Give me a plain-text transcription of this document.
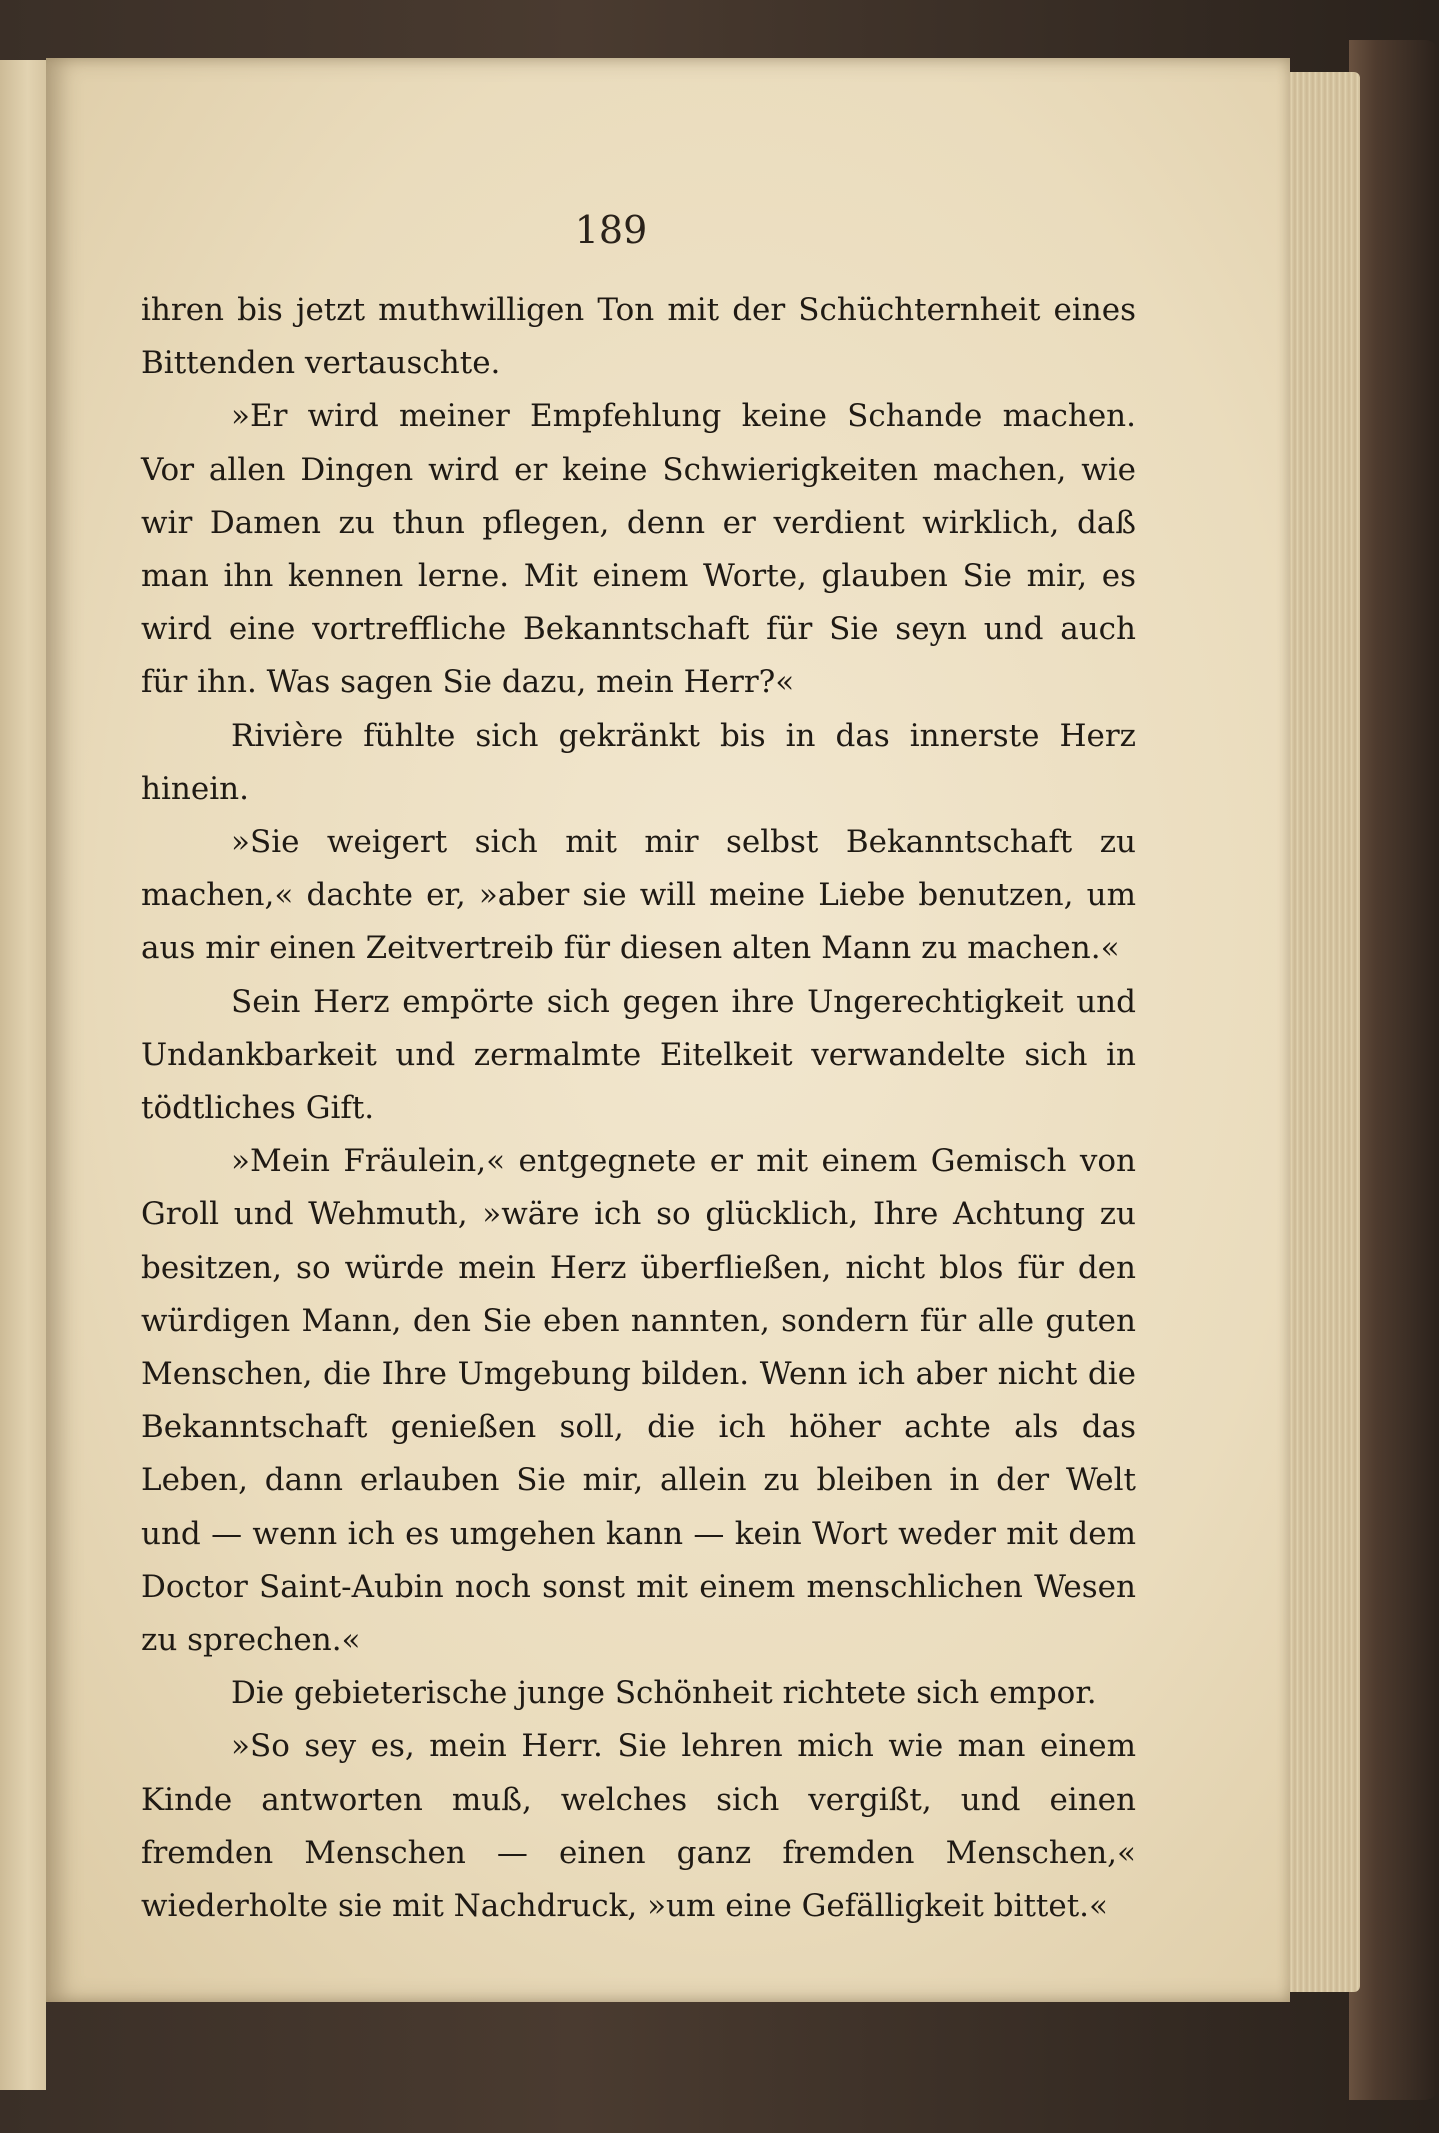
189

ihren bis jetzt muthwilligen Ton mit der Schüchternheit eines Bittenden vertauschte.

»Er wird meiner Empfehlung keine Schande machen. Vor allen Dingen wird er keine Schwierigkeiten machen, wie wir Damen zu thun pflegen, denn er verdient wirklich, daß man ihn kennen lerne. Mit einem Worte, glauben Sie mir, es wird eine vortreffliche Bekanntschaft für Sie seyn und auch für ihn. Was sagen Sie dazu, mein Herr?«

Rivière fühlte sich gekränkt bis in das innerste Herz hinein.

»Sie weigert sich mit mir selbst Bekanntschaft zu machen,« dachte er, »aber sie will meine Liebe benutzen, um aus mir einen Zeitvertreib für diesen alten Mann zu machen.«

Sein Herz empörte sich gegen ihre Ungerechtigkeit und Undankbarkeit und zermalmte Eitelkeit verwandelte sich in tödtliches Gift.

»Mein Fräulein,« entgegnete er mit einem Gemisch von Groll und Wehmuth, »wäre ich so glücklich, Ihre Achtung zu besitzen, so würde mein Herz überfließen, nicht blos für den würdigen Mann, den Sie eben nannten, sondern für alle guten Menschen, die Ihre Umgebung bilden. Wenn ich aber nicht die Bekanntschaft genießen soll, die ich höher achte als das Leben, dann erlauben Sie mir, allein zu bleiben in der Welt und — wenn ich es umgehen kann — kein Wort weder mit dem Doctor Saint-Aubin noch sonst mit einem menschlichen Wesen zu sprechen.«

Die gebieterische junge Schönheit richtete sich empor.

»So sey es, mein Herr. Sie lehren mich wie man einem Kinde antworten muß, welches sich vergißt, und einen fremden Menschen — einen ganz fremden Menschen,« wiederholte sie mit Nachdruck, »um eine Gefälligkeit bittet.«
